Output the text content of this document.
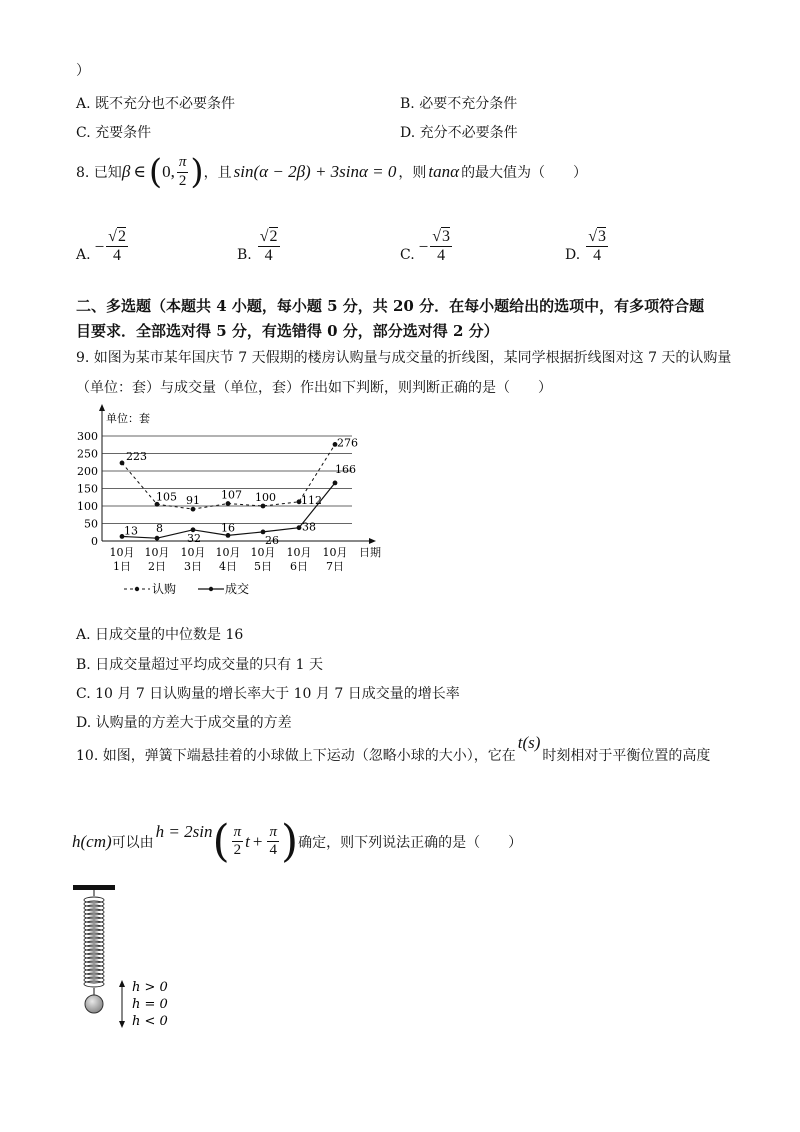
）
A. 既不充分也不必要条件	B. 必要不充分条件
C. 充要条件	D. 充分不必要条件
8. 已知 β ∈ ( 0, $\frac{\pi}{2}$ ) ，且 sin(α − 2β) + 3sinα = 0 ，则 tanα 的最大值为（　　）
A. − $\frac{√2}{4}$	B. $\frac{√2}{4}$	C. − $\frac{√3}{4}$	D. $\frac{√3}{4}$
二、多选题（本题共 4 小题，每小题 5 分，共 20 分．在每小题给出的选项中，有多项符合题
目要求．全部选对得 5 分，有选错得 0 分，部分选对得 2 分）
9. 如图为某市某年国庆节 7 天假期的楼房认购量与成交量的折线图，某同学根据折线图对这 7 天的认购量
（单位：套）与成交量（单位，套）作出如下判断，则判断正确的是（　　）
0
50
100
150
200
250
300
单位：套
日期
10月
1日
10月
2日
10月
3日
10月
4日
10月
5日
10月
6日
10月
7日
223
105 91 107 100 112
276
13 8
32
16
26
38
166
认购	成交
A. 日成交量的中位数是 16
B. 日成交量超过平均成交量的只有 1 天
C. 10 月 7 日认购量的增长率大于 10 月 7 日成交量的增长率
D. 认购量的方差大于成交量的方差
10. 如图，弹簧下端悬挂着的小球做上下运动（忽略小球的大小），它在
t(s)
时刻相对于平衡位置的高度
h(cm) 可以由
h = 2sin ( $\frac{\pi}{2}$ $t + \frac{\pi}{4}$ ) 确定，则下列说法正确的是（　　）
h > 0
h = 0
h < 0
